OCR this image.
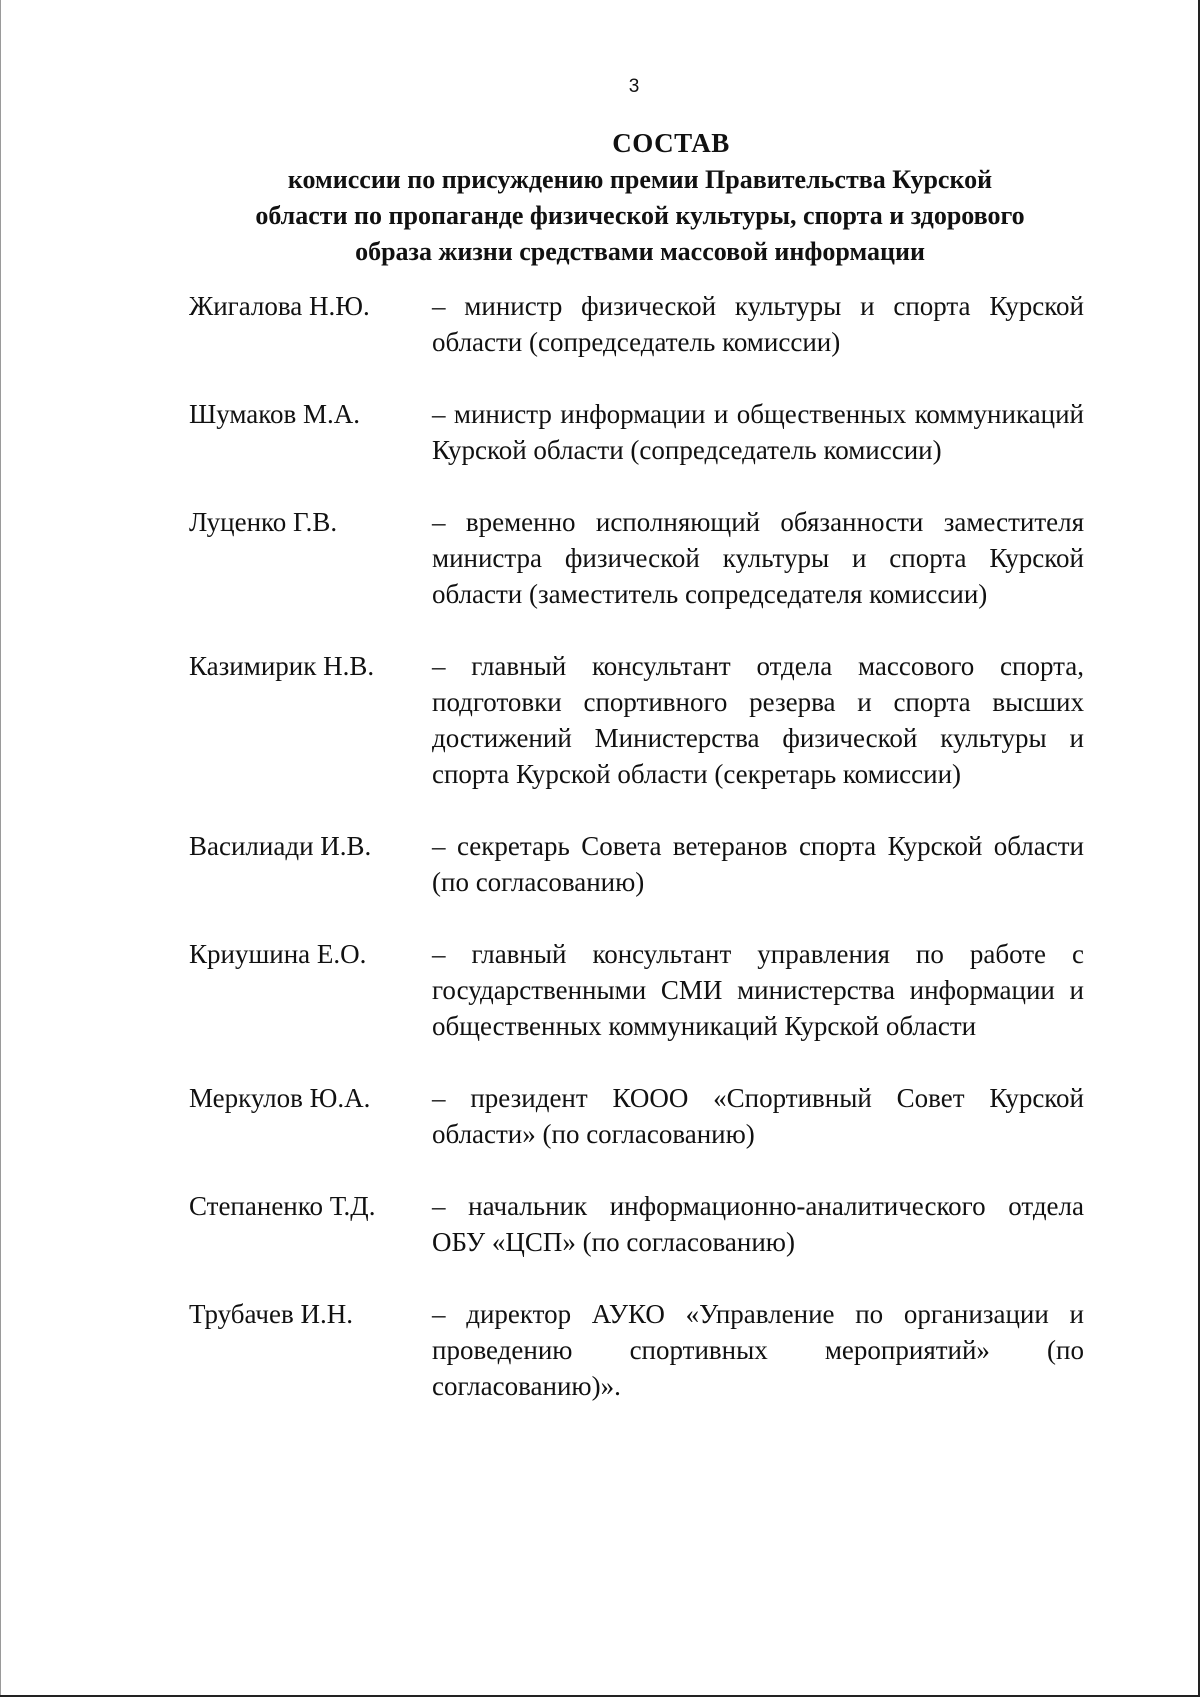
3
СОСТАВ
комиссии по присуждению премии Правительства Курской
области по пропаганде физической культуры, спорта и здорового
образа жизни средствами массовой информации
Жигалова Н.Ю.	– министр физической культуры и спорта Курской области (сопредседатель комиссии)
Шумаков М.А.	– министр информации и общественных коммуникаций Курской области (сопредседатель комиссии)
Луценко Г.В.	– временно исполняющий обязанности заместителя министра физической культуры и спорта Курской области (заместитель сопредседателя комиссии)
Казимирик Н.В.	– главный консультант отдела массового спорта, подготовки спортивного резерва и спорта высших достижений Министерства физической культуры и спорта Курской области (секретарь комиссии)
Василиади И.В.	– секретарь Совета ветеранов спорта Курской области (по согласованию)
Криушина Е.О.	– главный консультант управления по работе с государственными СМИ министерства информации и общественных коммуникаций Курской области
Меркулов Ю.А.	– президент КООО «Спортивный Совет Курской области» (по согласованию)
Степаненко Т.Д.	– начальник информационно-аналитического отдела ОБУ «ЦСП» (по согласованию)
Трубачев И.Н.	– директор АУКО «Управление по организации и проведению спортивных мероприятий» (по согласованию)».
